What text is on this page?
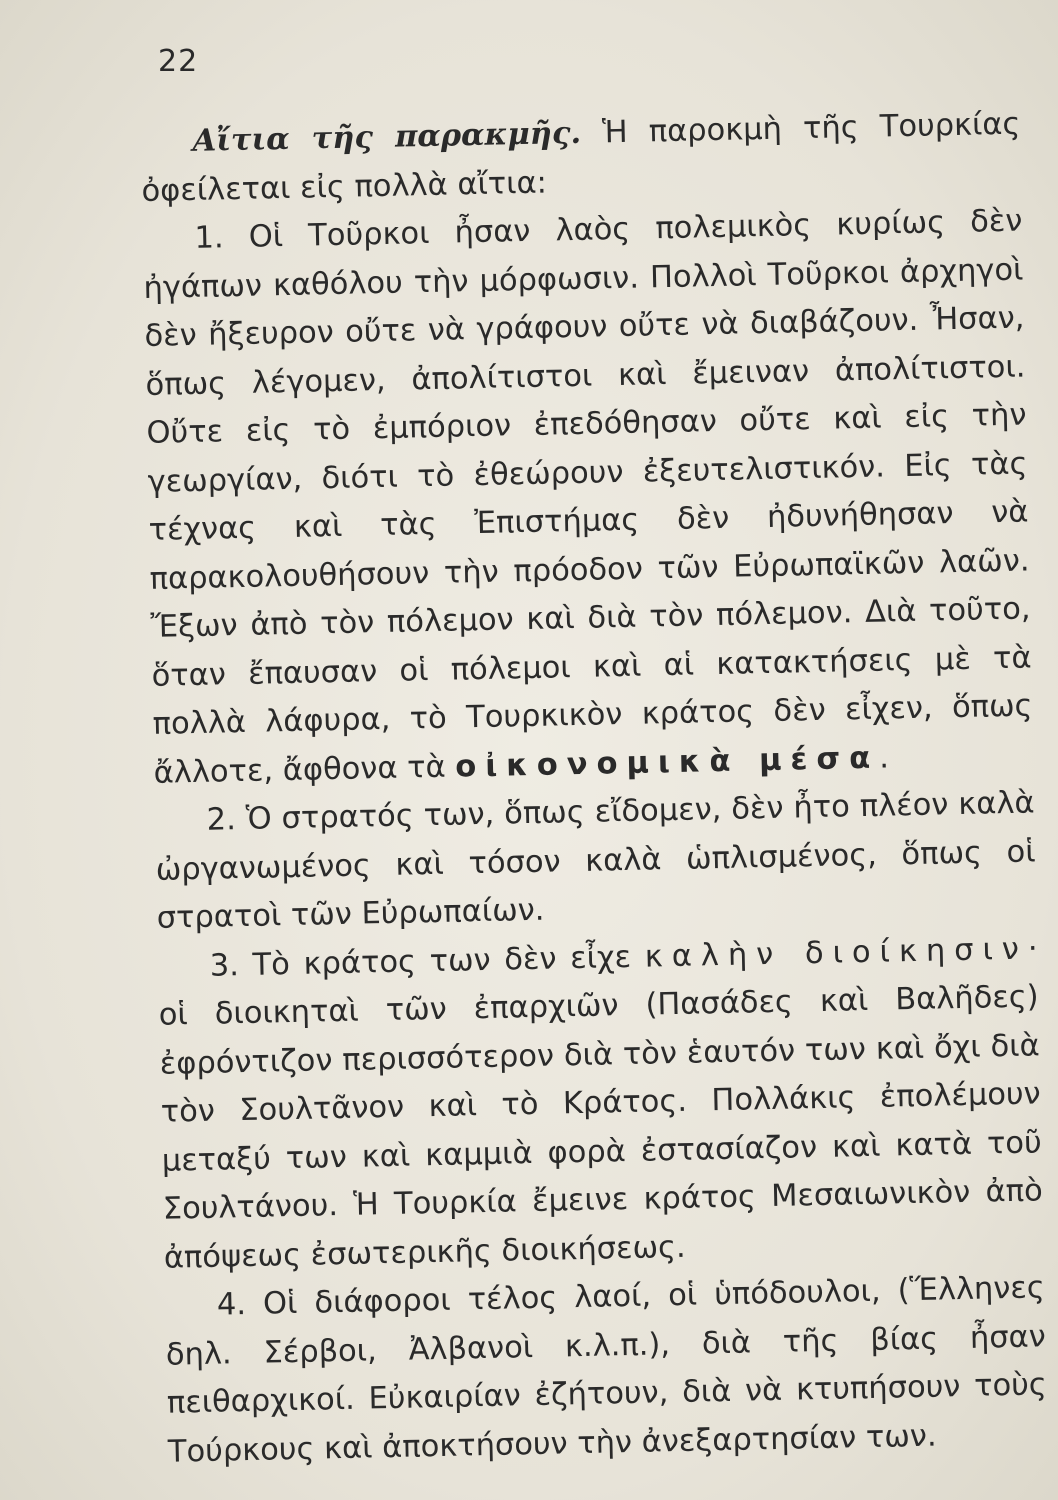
22

Αἴτια τῆς παρακμῆς. Ἡ παροκμὴ τῆς Τουρκίας ὀφείλεται εἰς πολλὰ αἴτια:

1. Οἱ Τοῦρκοι ἦσαν λαὸς πολεμικὸς κυρίως δὲν ἠγάπων καθόλου τὴν μόρφωσιν. Πολλοὶ Τοῦρκοι ἀρχηγοὶ δὲν ἤξευρον οὔτε νὰ γράφουν οὔτε νὰ διαβάζουν. Ἦσαν, ὅπως λέγομεν, ἀπολίτιστοι καὶ ἔμειναν ἀπολίτιστοι. Οὔτε εἰς τὸ ἐμπόριον ἐπεδόθησαν οὔτε καὶ εἰς τὴν γεωργίαν, διότι τὸ ἐθεώρουν ἐξευτελιστικόν. Εἰς τὰς τέχνας καὶ τὰς Ἐπιστήμας δὲν ἠδυνήθησαν νὰ παρακολουθήσουν τὴν πρόοδον τῶν Εὐρωπαϊκῶν λαῶν. Ἔξων ἀπὸ τὸν πόλεμον καὶ διὰ τὸν πόλεμον. Διὰ τοῦτο, ὅταν ἔπαυσαν οἱ πόλεμοι καὶ αἱ κατακτήσεις μὲ τὰ πολλὰ λάφυρα, τὸ Τουρκικὸν κράτος δὲν εἶχεν, ὅπως ἄλλοτε, ἄφθονα τὰ οἰκονομικὰ μέσα.

2. Ὁ στρατός των, ὅπως εἴδομεν, δὲν ἦτο πλέον καλὰ ὠργανωμένος καὶ τόσον καλὰ ὡπλισμένος, ὅπως οἱ στρατοὶ τῶν Εὐρωπαίων.

3. Τὸ κράτος των δὲν εἶχε καλὴν διοίκησιν· οἱ διοικηταὶ τῶν ἐπαρχιῶν (Πασάδες καὶ Βαλῆδες) ἐφρόντιζον περισσότερον διὰ τὸν ἑαυτόν των καὶ ὄχι διὰ τὸν Σουλτᾶνον καὶ τὸ Κράτος. Πολλάκις ἐπολέμουν μεταξύ των καὶ καμμιὰ φορὰ ἐστασίαζον καὶ κατὰ τοῦ Σουλτάνου. Ἡ Τουρκία ἔμεινε κράτος Μεσαιωνικὸν ἀπὸ ἀπόψεως ἐσωτερικῆς διοικήσεως.

4. Οἱ διάφοροι τέλος λαοί, οἱ ὑπόδουλοι, (Ἕλληνες δηλ. Σέρβοι, Ἀλβανοὶ κ.λ.π.), διὰ τῆς βίας ἦσαν πειθαρχικοί. Εὐκαιρίαν ἐζήτουν, διὰ νὰ κτυπήσουν τοὺς Τούρκους καὶ ἀποκτήσουν τὴν ἀνεξαρτησίαν των.
